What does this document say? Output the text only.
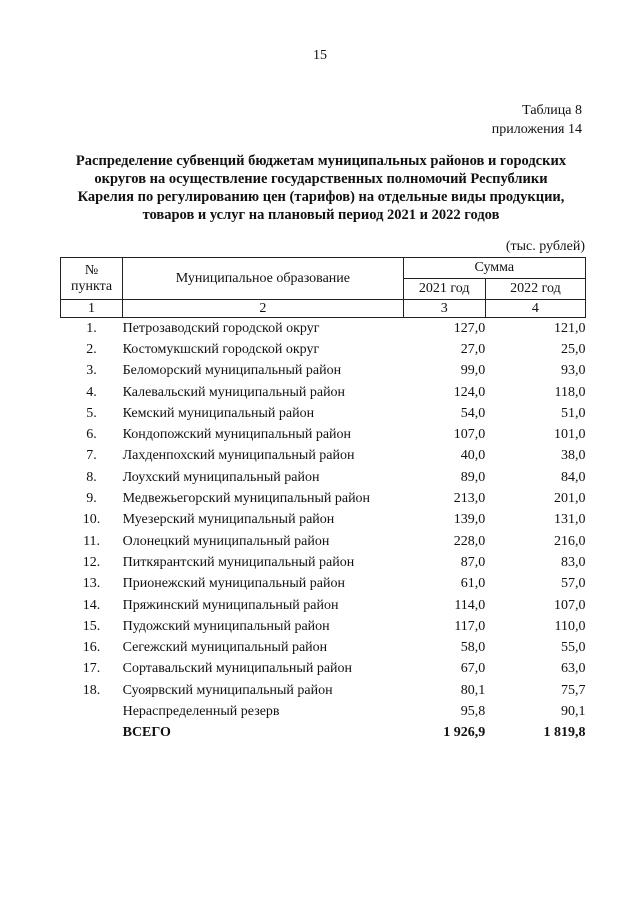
15
Таблица 8
приложения 14
Распределение субвенций бюджетам муниципальных районов и городских
округов на осуществление государственных полномочий Республики
Карелия по регулированию цен (тарифов) на отдельные виды продукции,
товаров и услуг на плановый период 2021 и 2022 годов
(тыс. рублей)
№
пункта	Муниципальное образование	Сумма	
		2021 год	2022 год
1	2	3	4
1.	Петрозаводский городской округ	127,0	121,0
2.	Костомукшский городской округ	27,0	25,0
3.	Беломорский муниципальный район	99,0	93,0
4.	Калевальский муниципальный район	124,0	118,0
5.	Кемский муниципальный район	54,0	51,0
6.	Кондопожский муниципальный район	107,0	101,0
7.	Лахденпохский муниципальный район	40,0	38,0
8.	Лоухский муниципальный район	89,0	84,0
9.	Медвежьегорский муниципальный район	213,0	201,0
10.	Муезерский муниципальный район	139,0	131,0
11.	Олонецкий муниципальный район	228,0	216,0
12.	Питкярантский муниципальный район	87,0	83,0
13.	Прионежский муниципальный район	61,0	57,0
14.	Пряжинский муниципальный район	114,0	107,0
15.	Пудожский муниципальный район	117,0	110,0
16.	Сегежский муниципальный район	58,0	55,0
17.	Сортавальский муниципальный район	67,0	63,0
18.	Суоярвский муниципальный район	80,1	75,7
	Нераспределенный резерв	95,8	90,1
	ВСЕГО	1 926,9	1 819,8
